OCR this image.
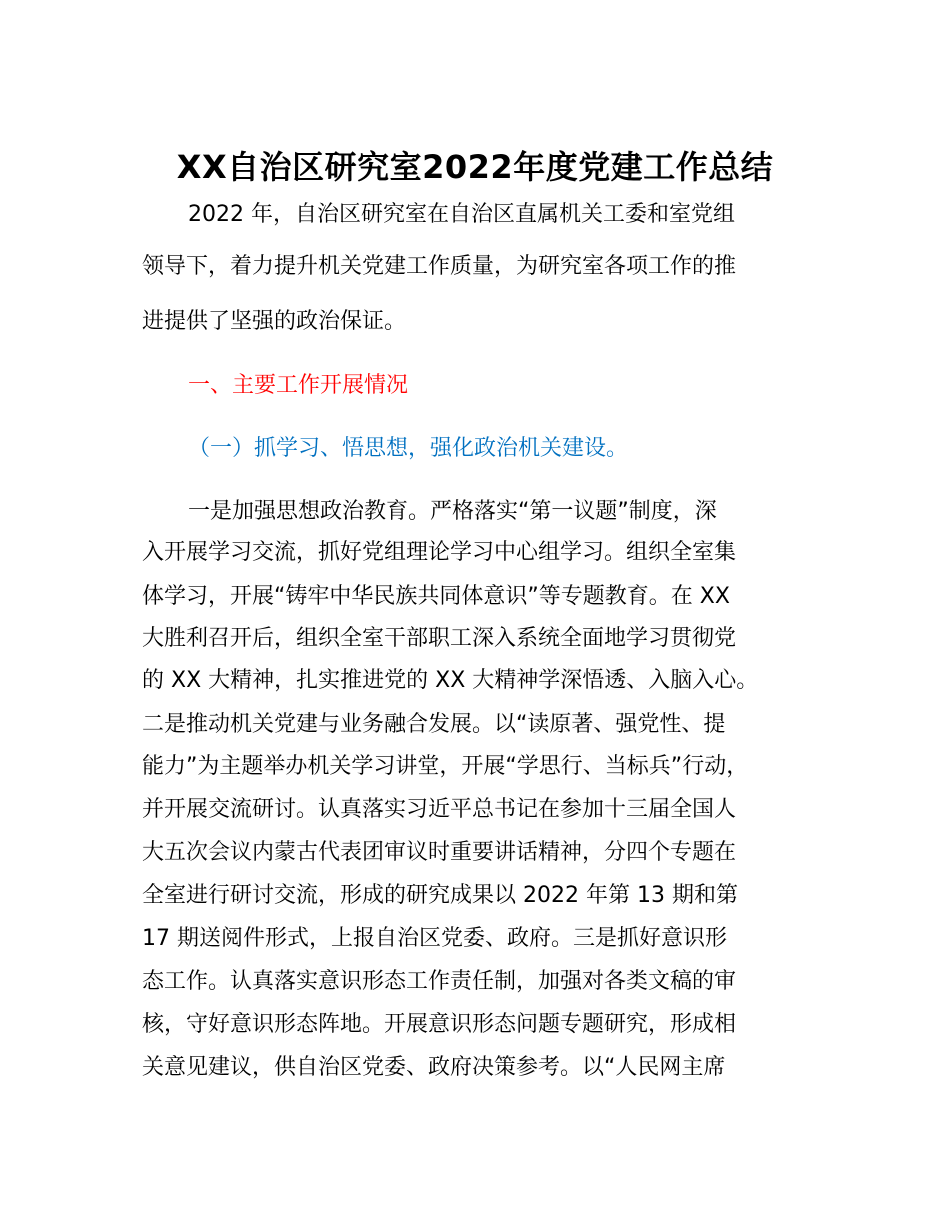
XX自治区研究室2022年度党建工作总结
2022 年，自治区研究室在自治区直属机关工委和室党组
领导下，着力提升机关党建工作质量，为研究室各项工作的推
进提供了坚强的政治保证。
一、主要工作开展情况
（一）抓学习、悟思想，强化政治机关建设。
一是加强思想政治教育。严格落实“第一议题”制度，深
入开展学习交流，抓好党组理论学习中心组学习。组织全室集
体学习，开展“铸牢中华民族共同体意识”等专题教育。在 XX
大胜利召开后，组织全室干部职工深入系统全面地学习贯彻党
的 XX 大精神，扎实推进党的 XX 大精神学深悟透、入脑入心。
二是推动机关党建与业务融合发展。以“读原著、强党性、提
能力”为主题举办机关学习讲堂，开展“学思行、当标兵”行动，
并开展交流研讨。认真落实习近平总书记在参加十三届全国人
大五次会议内蒙古代表团审议时重要讲话精神，分四个专题在
全室进行研讨交流，形成的研究成果以 2022 年第 13 期和第
17 期送阅件形式，上报自治区党委、政府。三是抓好意识形
态工作。认真落实意识形态工作责任制，加强对各类文稿的审
核，守好意识形态阵地。开展意识形态问题专题研究，形成相
关意见建议，供自治区党委、政府决策参考。以“人民网主席
